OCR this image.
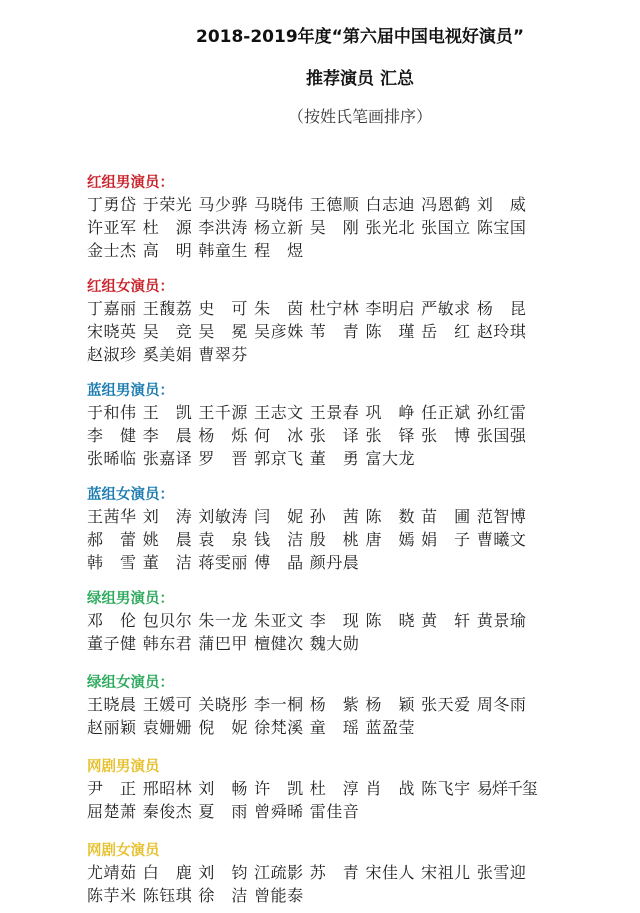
2018-2019年度“第六届中国电视好演员”
推荐演员 汇总
（按姓氏笔画排序）
红组男演员：
丁勇岱 于荣光 马少骅 马晓伟 王德顺 白志迪 冯恩鹤 刘　威
许亚军 杜　源 李洪涛 杨立新 吴　刚 张光北 张国立 陈宝国
金士杰 高　明 韩童生 程　煜
红组女演员：
丁嘉丽 王馥荔 史　可 朱　茵 杜宁林 李明启 严敏求 杨　昆
宋晓英 吴　竞 吴　冕 吴彦姝 苇　青 陈　瑾 岳　红 赵玲琪
赵淑珍 奚美娟 曹翠芬
蓝组男演员：
于和伟 王　凯 王千源 王志文 王景春 巩　峥 任正斌 孙红雷
李　健 李　晨 杨　烁 何　冰 张　译 张　铎 张　博 张国强
张晞临 张嘉译 罗　晋 郭京飞 董　勇 富大龙
蓝组女演员：
王茜华 刘　涛 刘敏涛 闫　妮 孙　茜 陈　数 苗　圃 范智博
郝　蕾 姚　晨 袁　泉 钱　洁 殷　桃 唐　嫣 娟　子 曹曦文
韩　雪 董　洁 蒋雯丽 傅　晶 颜丹晨
绿组男演员：
邓　伦 包贝尔 朱一龙 朱亚文 李　现 陈　晓 黄　轩 黄景瑜
董子健 韩东君 蒲巴甲 檀健次 魏大勋
绿组女演员：
王晓晨 王媛可 关晓彤 李一桐 杨　紫 杨　颖 张天爱 周冬雨
赵丽颖 袁姗姗 倪　妮 徐梵溪 童　瑶 蓝盈莹
网剧男演员
尹　正 邢昭林 刘　畅 许　凯 杜　淳 肖　战 陈飞宇 易烊千玺
屈楚萧 秦俊杰 夏　雨 曾舜晞 雷佳音
网剧女演员
尤靖茹 白　鹿 刘　钧 江疏影 苏　青 宋佳人 宋祖儿 张雪迎
陈芋米 陈钰琪 徐　洁 曾能泰
